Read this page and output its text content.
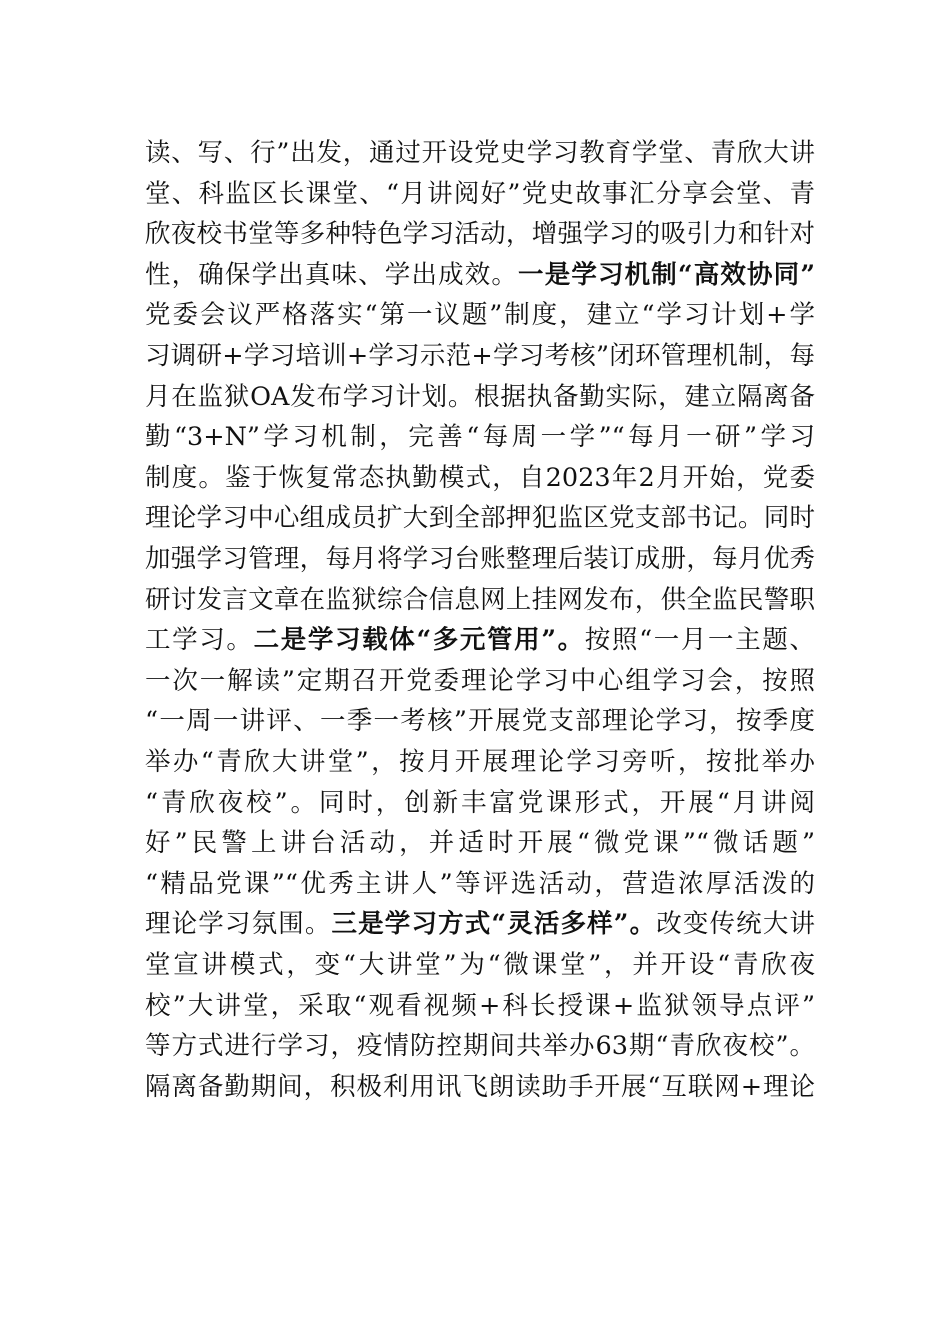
读、写、行”出发，通过开设党史学习教育学堂、青欣大讲
堂、科监区长课堂、“月讲阅好”党史故事汇分享会堂、青
欣夜校书堂等多种特色学习活动，增强学习的吸引力和针对
性，确保学出真味、学出成效。一是学习机制“高效协同”
党委会议严格落实“第一议题”制度，建立“学习计划+学
习调研+学习培训+学习示范+学习考核”闭环管理机制，每
月在监狱OA发布学习计划。根据执备勤实际，建立隔离备
勤“3+N”学习机制，完善“每周一学”“每月一研”学习
制度。鉴于恢复常态执勤模式，自2023年2月开始，党委
理论学习中心组成员扩大到全部押犯监区党支部书记。同时
加强学习管理，每月将学习台账整理后装订成册，每月优秀
研讨发言文章在监狱综合信息网上挂网发布，供全监民警职
工学习。二是学习载体“多元管用”。按照“一月一主题、
一次一解读”定期召开党委理论学习中心组学习会，按照
“一周一讲评、一季一考核”开展党支部理论学习，按季度
举办“青欣大讲堂”，按月开展理论学习旁听，按批举办
“青欣夜校”。同时，创新丰富党课形式，开展“月讲阅
好”民警上讲台活动，并适时开展“微党课”“微话题”
“精品党课”“优秀主讲人”等评选活动，营造浓厚活泼的
理论学习氛围。三是学习方式“灵活多样”。改变传统大讲
堂宣讲模式，变“大讲堂”为“微课堂”，并开设“青欣夜
校”大讲堂，采取“观看视频+科长授课+监狱领导点评”
等方式进行学习，疫情防控期间共举办63期“青欣夜校”。
隔离备勤期间，积极利用讯飞朗读助手开展“互联网+理论
